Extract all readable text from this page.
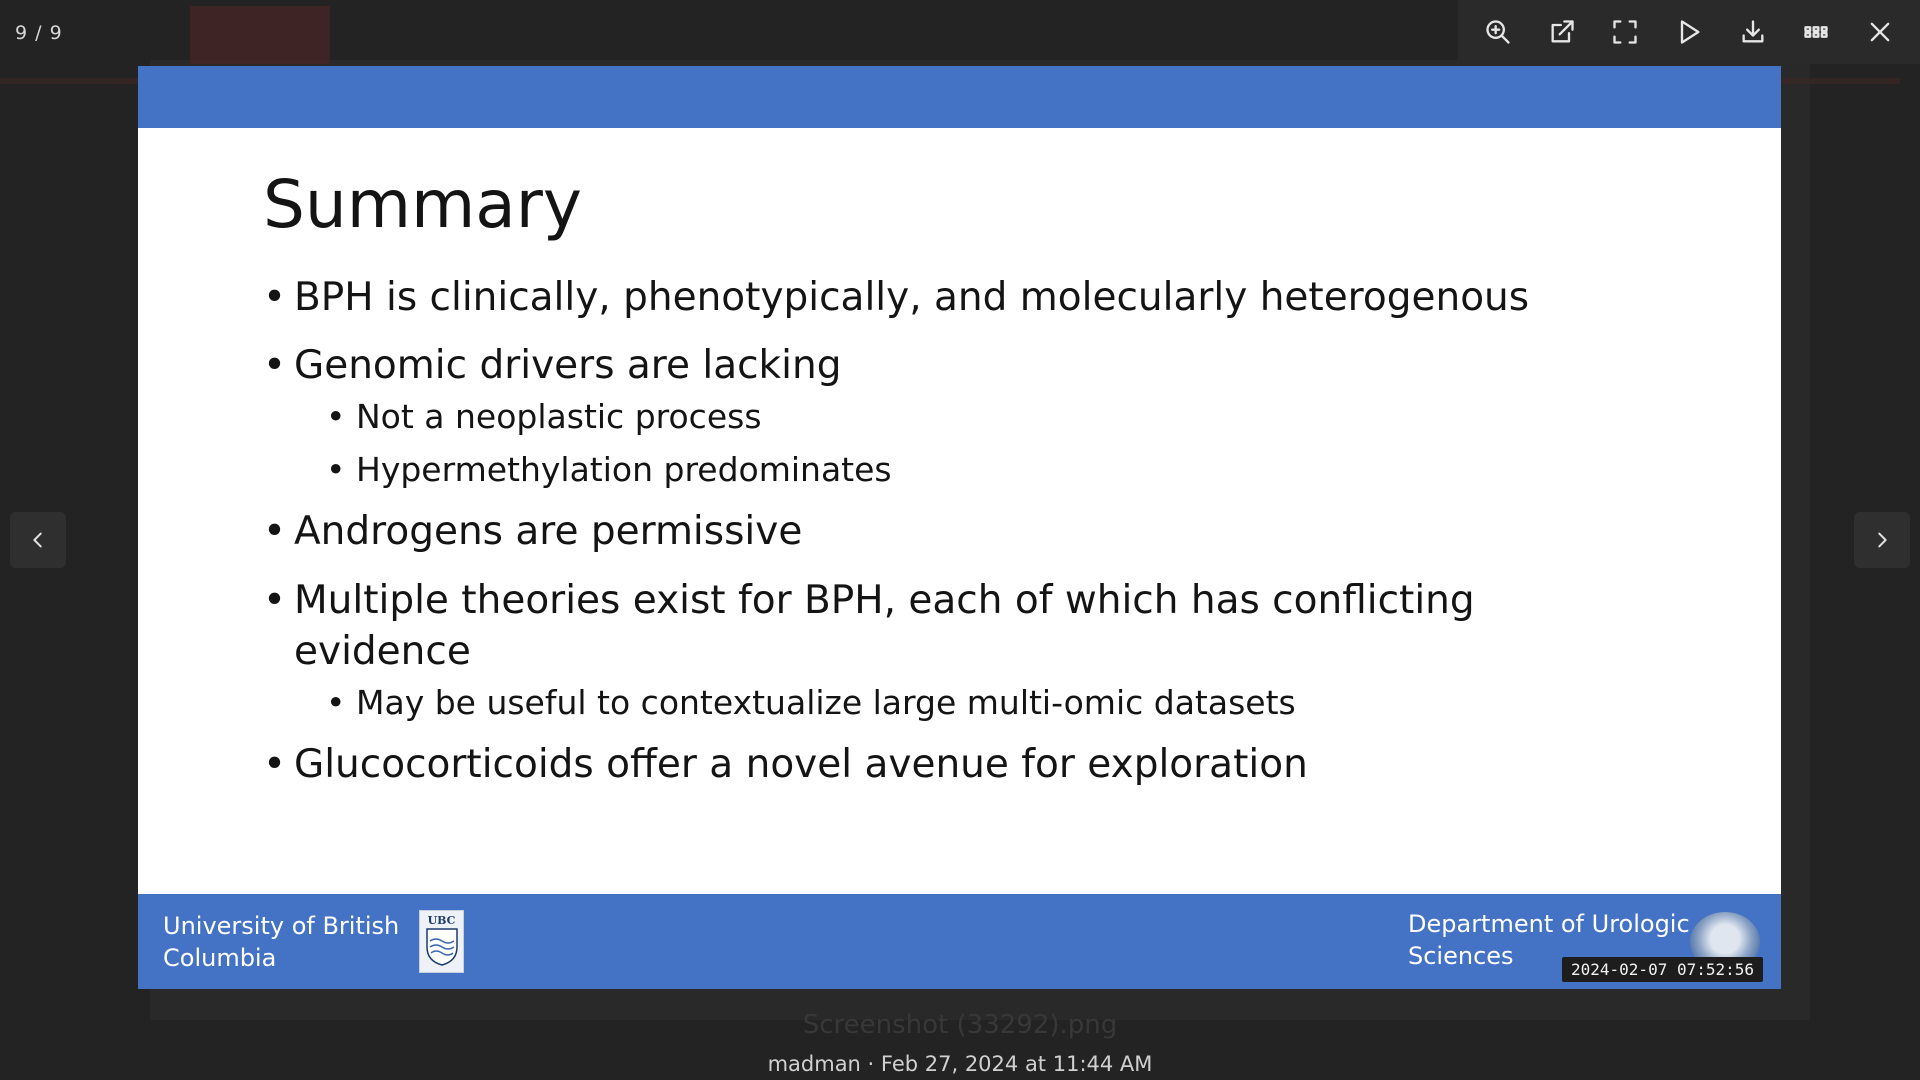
9 / 9
Summary
• BPH is clinically, phenotypically, and molecularly heterogenous
• Genomic drivers are lacking
• Not a neoplastic process
• Hypermethylation predominates
• Androgens are permissive
• Multiple theories exist for BPH, each of which has conflicting evidence
• May be useful to contextualize large multi-omic datasets
• Glucocorticoids offer a novel avenue for exploration
University of British
Columbia
UBC	Department of Urologic
Sciences	2024-02-07 07:52:56
Screenshot (33292).png
madman · Feb 27, 2024 at 11:44 AM
